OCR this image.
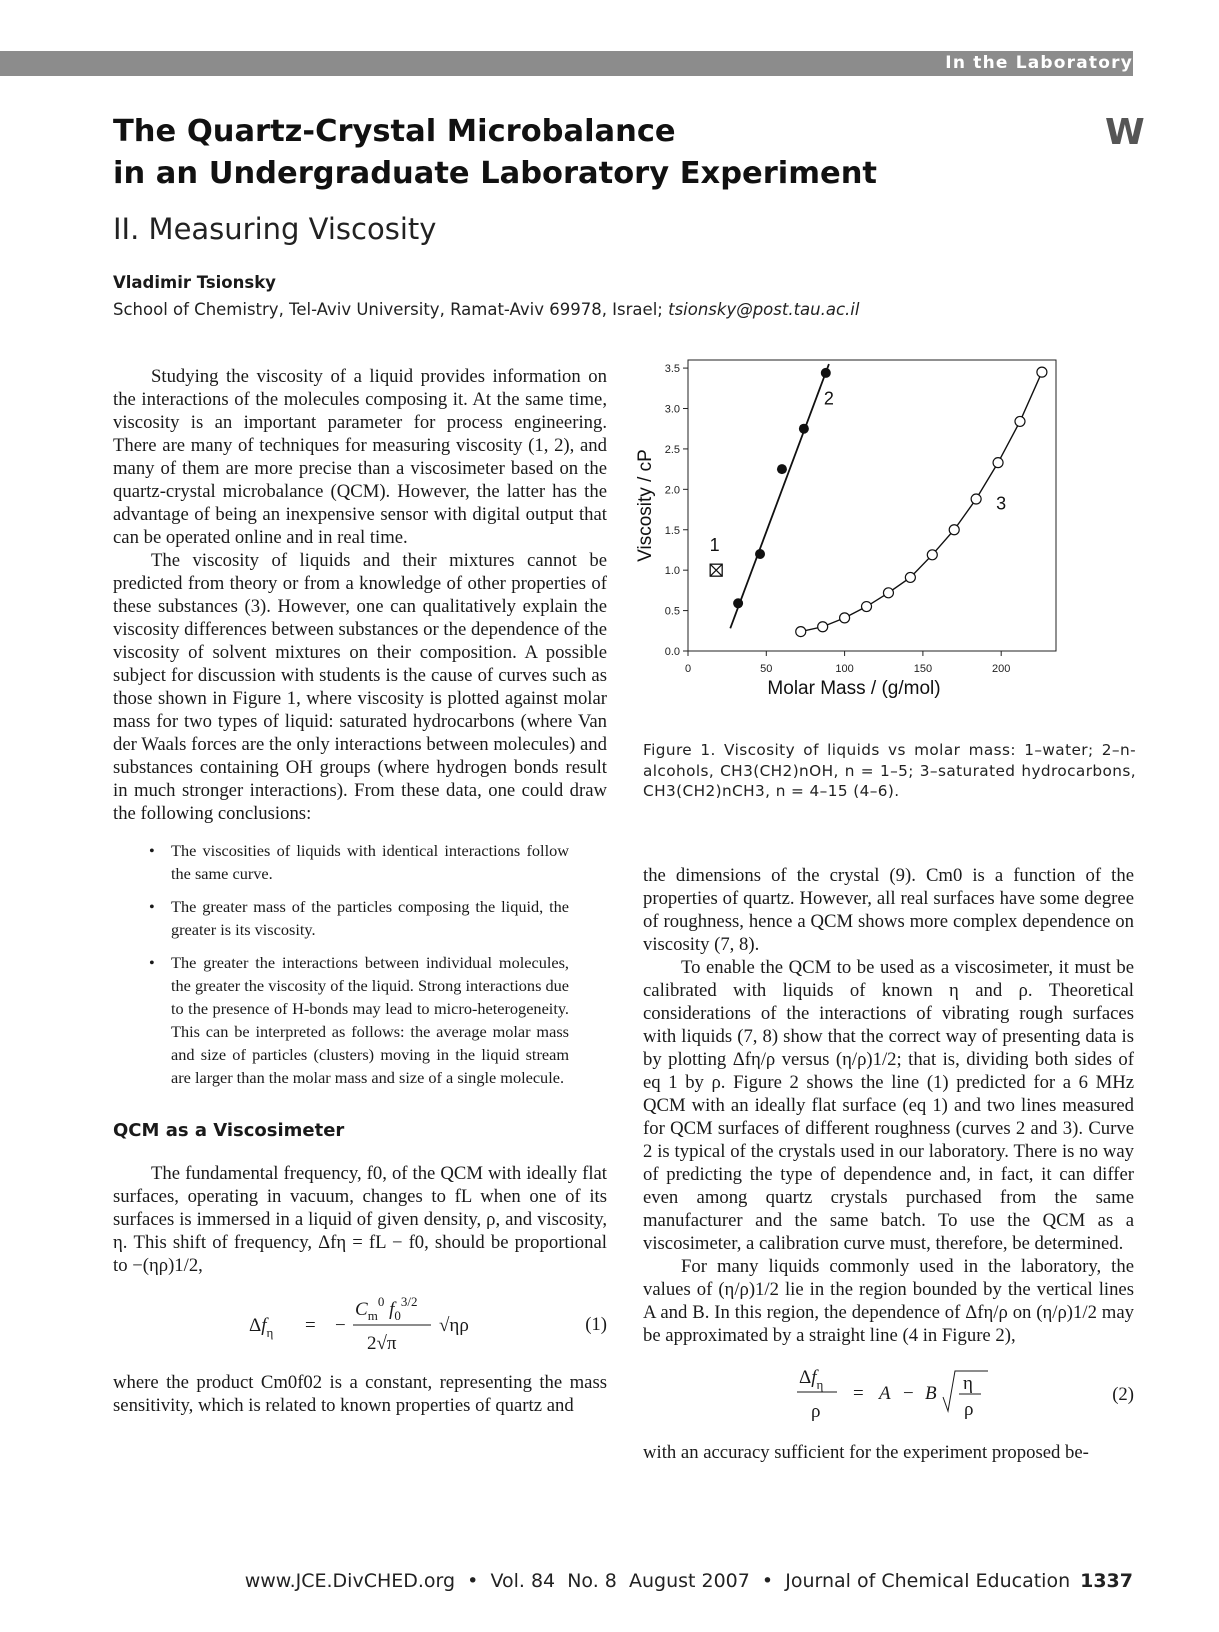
In the Laboratory
W
The Quartz-Crystal Microbalance
in an Undergraduate Laboratory Experiment
II. Measuring Viscosity
Vladimir Tsionsky
School of Chemistry, Tel-Aviv University, Ramat-Aviv 69978, Israel; tsionsky@post.tau.ac.il

Studying the viscosity of a liquid provides information on the interactions of the molecules composing it. At the same time, viscosity is an important parameter for process engineering. There are many of techniques for measuring viscosity (1, 2), and many of them are more precise than a viscosimeter based on the quartz-crystal microbalance (QCM). However, the latter has the advantage of being an inexpensive sensor with digital output that can be operated online and in real time.

The viscosity of liquids and their mixtures cannot be predicted from theory or from a knowledge of other properties of these substances (3). However, one can qualitatively explain the viscosity differences between substances or the dependence of the viscosity of solvent mixtures on their composition. A possible subject for discussion with students is the cause of curves such as those shown in Figure 1, where viscosity is plotted against molar mass for two types of liquid: saturated hydrocarbons (where Van der Waals forces are the only interactions between molecules) and substances containing OH groups (where hydrogen bonds result in much stronger interactions). From these data, one could draw the following conclusions:

• The viscosities of liquids with identical interactions follow the same curve.
• The greater mass of the particles composing the liquid, the greater is its viscosity.
• The greater the interactions between individual molecules, the greater the viscosity of the liquid. Strong interactions due to the presence of H-bonds may lead to micro-heterogeneity. This can be interpreted as follows: the average molar mass and size of particles (clusters) moving in the liquid stream are larger than the molar mass and size of a single molecule.
QCM as a Viscosimeter

The fundamental frequency, f0, of the QCM with ideally flat surfaces, operating in vacuum, changes to fL when one of its surfaces is immersed in a liquid of given density, ρ, and viscosity, η. This shift of frequency, Δfη = fL − f0, should be proportional to −(ηρ)1/2,

$\Delta f_\eta$ = −
$C_m^0$ $f_0^{3/2}$
2√π
√ηρ	(1)

where the product Cm0f02 is a constant, representing the mass sensitivity, which is related to known properties of quartz and

0	50	100	150	200
0.0
0.5
1.0
1.5
2.0
2.5
3.0
3.5
Molar Mass / (g/mol)
Viscosity / cP	1
2
3
Figure 1. Viscosity of liquids vs molar mass: 1–water; 2–n-alcohols, CH3(CH2)nOH, n = 1–5; 3–saturated hydrocarbons, CH3(CH2)nCH3, n = 4–15 (4–6).

the dimensions of the crystal (9). Cm0 is a function of the properties of quartz. However, all real surfaces have some degree of roughness, hence a QCM shows more complex dependence on viscosity (7, 8).

To enable the QCM to be used as a viscosimeter, it must be calibrated with liquids of known η and ρ. Theoretical considerations of the interactions of vibrating rough surfaces with liquids (7, 8) show that the correct way of presenting data is by plotting Δfη/ρ versus (η/ρ)1/2; that is, dividing both sides of eq 1 by ρ. Figure 2 shows the line (1) predicted for a 6 MHz QCM with an ideally flat surface (eq 1) and two lines measured for QCM surfaces of different roughness (curves 2 and 3). Curve 2 is typical of the crystals used in our laboratory. There is no way of predicting the type of dependence and, in fact, it can differ even among quartz crystals purchased from the same manufacturer and the same batch. To use the QCM as a viscosimeter, a calibration curve must, therefore, be determined.

For many liquids commonly used in the laboratory, the values of (η/ρ)1/2 lie in the region bounded by the vertical lines A and B. In this region, the dependence of Δfη/ρ on (η/ρ)1/2 may be approximated by a straight line (4 in Figure 2),

$\Delta f_\eta$
ρ
= A − B η
ρ
(2)

with an accuracy sufficient for the experiment proposed be-

www.JCE.DivCHED.org  •  Vol. 84  No. 8  August 2007  •  Journal of Chemical Education 1337
